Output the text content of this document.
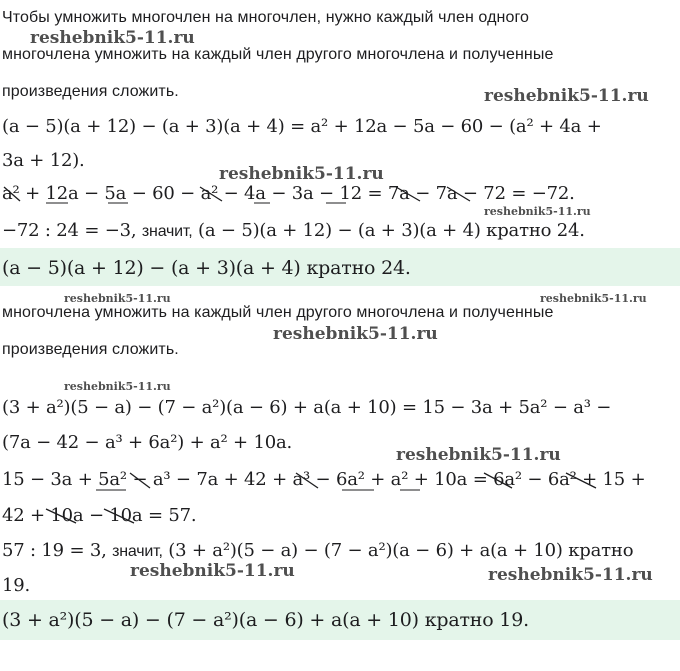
Чтобы умножить многочлен на многочлен, нужно каждый член одного
многочлена умножить на каждый член другого многочлена и полученные
произведения сложить.
(a − 5)(a + 12) − (a + 3)(a + 4) = a² + 12a − 5a − 60 − (a² + 4a +
3a + 12).
a² + 12a − 5a − 60 − a² − 4a − 3a − 12 = 7a − 7a − 72 = −72.
−72 : 24 = −3, значит, (a − 5)(a + 12) − (a + 3)(a + 4) кратно 24.
(a − 5)(a + 12) − (a + 3)(a + 4) кратно 24.
многочлена умножить на каждый член другого многочлена и полученные
произведения сложить.
(3 + a²)(5 − a) − (7 − a²)(a − 6) + a(a + 10) = 15 − 3a + 5a² − a³ −
(7a − 42 − a³ + 6a²) + a² + 10a.
15 − 3a + 5a² − a³ − 7a + 42 + a³ − 6a² + a² + 10a = 6a² − 6a² + 15 +
42 + 10a − 10a = 57.
57 : 19 = 3, значит, (3 + a²)(5 − a) − (7 − a²)(a − 6) + a(a + 10) кратно
19.
(3 + a²)(5 − a) − (7 − a²)(a − 6) + a(a + 10) кратно 19.
reshebnik5-11.ru
reshebnik5-11.ru
reshebnik5-11.ru
reshebnik5-11.ru
reshebnik5-11.ru	reshebnik5-11.ru
reshebnik5-11.ru
reshebnik5-11.ru
reshebnik5-11.ru
reshebnik5-11.ru	reshebnik5-11.ru
